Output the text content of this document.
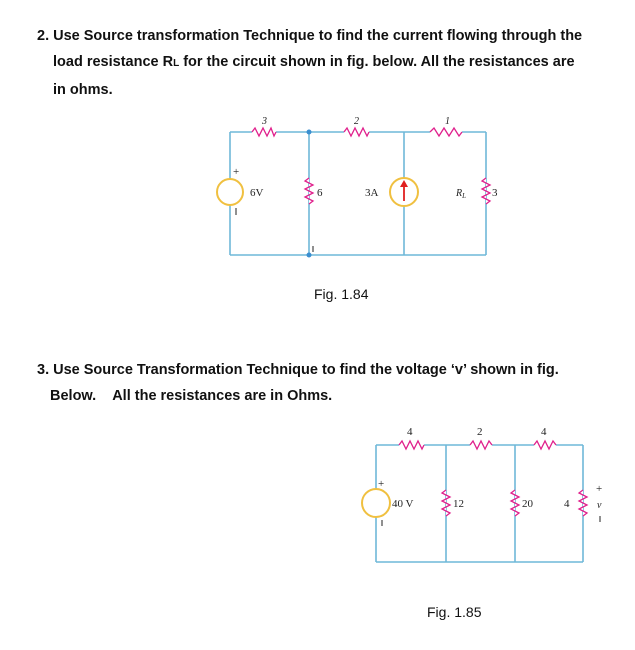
2. Use Source transformation Technique to find the current flowing through the
load resistance RL for the circuit shown in fig. below. All the resistances are
in ohms.
3	2	1
+
6V	6	3A	$R_L$ 3
Fig. 1.84
3. Use Source Transformation Technique to find the voltage ‘v’ shown in fig.
Below. All the resistances are in Ohms.
4	2	4
+
40 V	12	20	4
+
v
Fig. 1.85
